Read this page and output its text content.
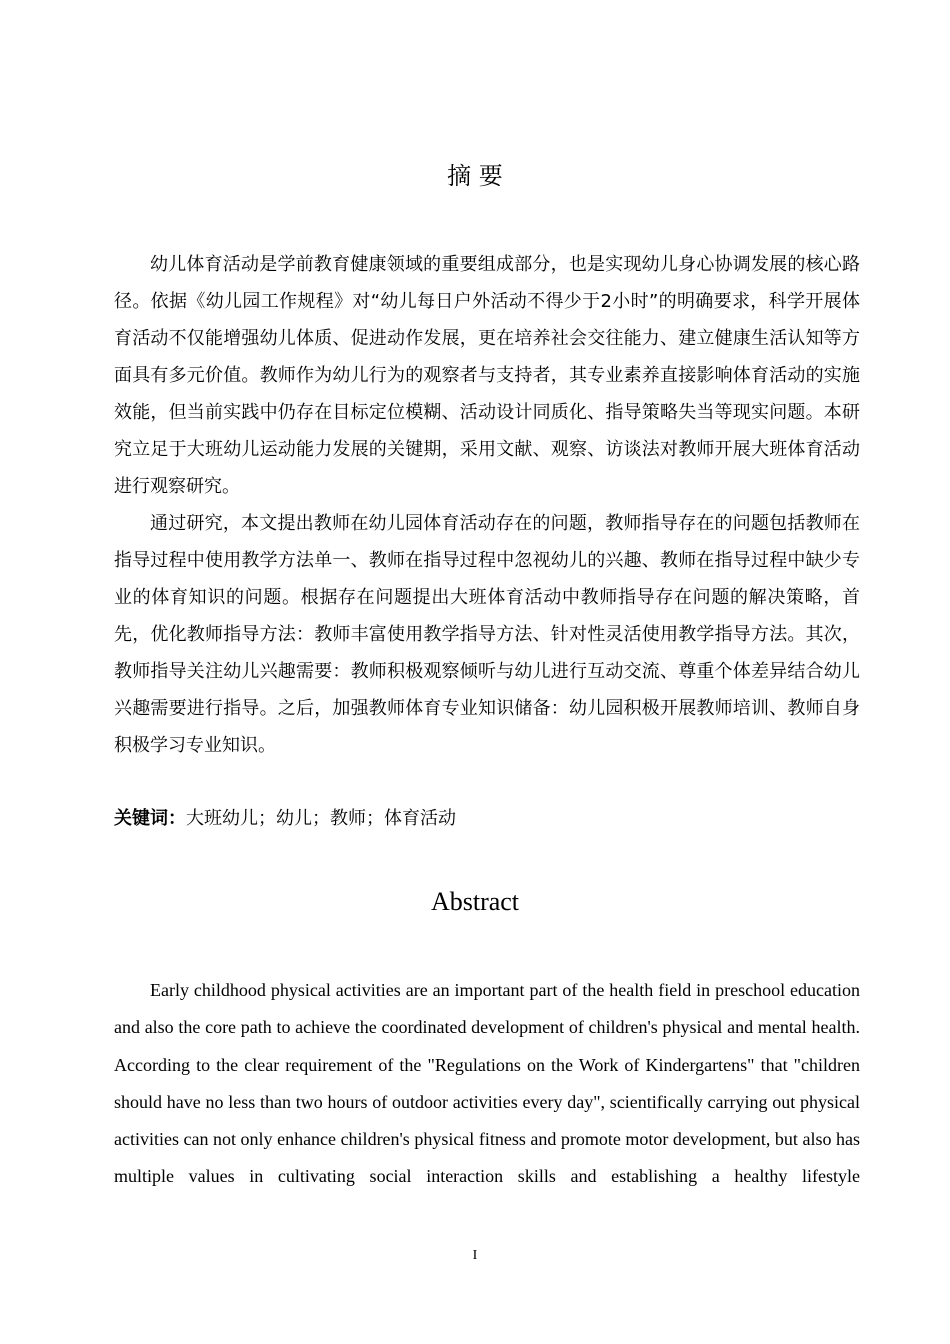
摘 要

幼儿体育活动是学前教育健康领域的重要组成部分，也是实现幼儿身心协调发展的核心路径。依据《幼儿园工作规程》对“幼儿每日户外活动不得少于2小时”的明确要求，科学开展体育活动不仅能增强幼儿体质、促进动作发展，更在培养社会交往能力、建立健康生活认知等方面具有多元价值。教师作为幼儿行为的观察者与支持者，其专业素养直接影响体育活动的实施效能，但当前实践中仍存在目标定位模糊、活动设计同质化、指导策略失当等现实问题。本研究立足于大班幼儿运动能力发展的关键期，采用文献、观察、访谈法对教师开展大班体育活动进行观察研究。

通过研究，本文提出教师在幼儿园体育活动存在的问题，教师指导存在的问题包括教师在指导过程中使用教学方法单一、教师在指导过程中忽视幼儿的兴趣、教师在指导过程中缺少专业的体育知识的问题。根据存在问题提出大班体育活动中教师指导存在问题的解决策略，首先，优化教师指导方法：教师丰富使用教学指导方法、针对性灵活使用教学指导方法。其次，教师指导关注幼儿兴趣需要：教师积极观察倾听与幼儿进行互动交流、尊重个体差异结合幼儿兴趣需要进行指导。之后，加强教师体育专业知识储备：幼儿园积极开展教师培训、教师自身积极学习专业知识。

关键词：大班幼儿；幼儿；教师；体育活动
Abstract

Early childhood physical activities are an important part of the health field in preschool education and also the core path to achieve the coordinated development of children's physical and mental health. According to the clear requirement of the "Regulations on the Work of Kindergartens" that "children should have no less than two hours of outdoor activities every day", scientifically carrying out physical activities can not only enhance children's physical fitness and promote motor development, but also has multiple values in cultivating social interaction skills and establishing a healthy lifestyle

I
